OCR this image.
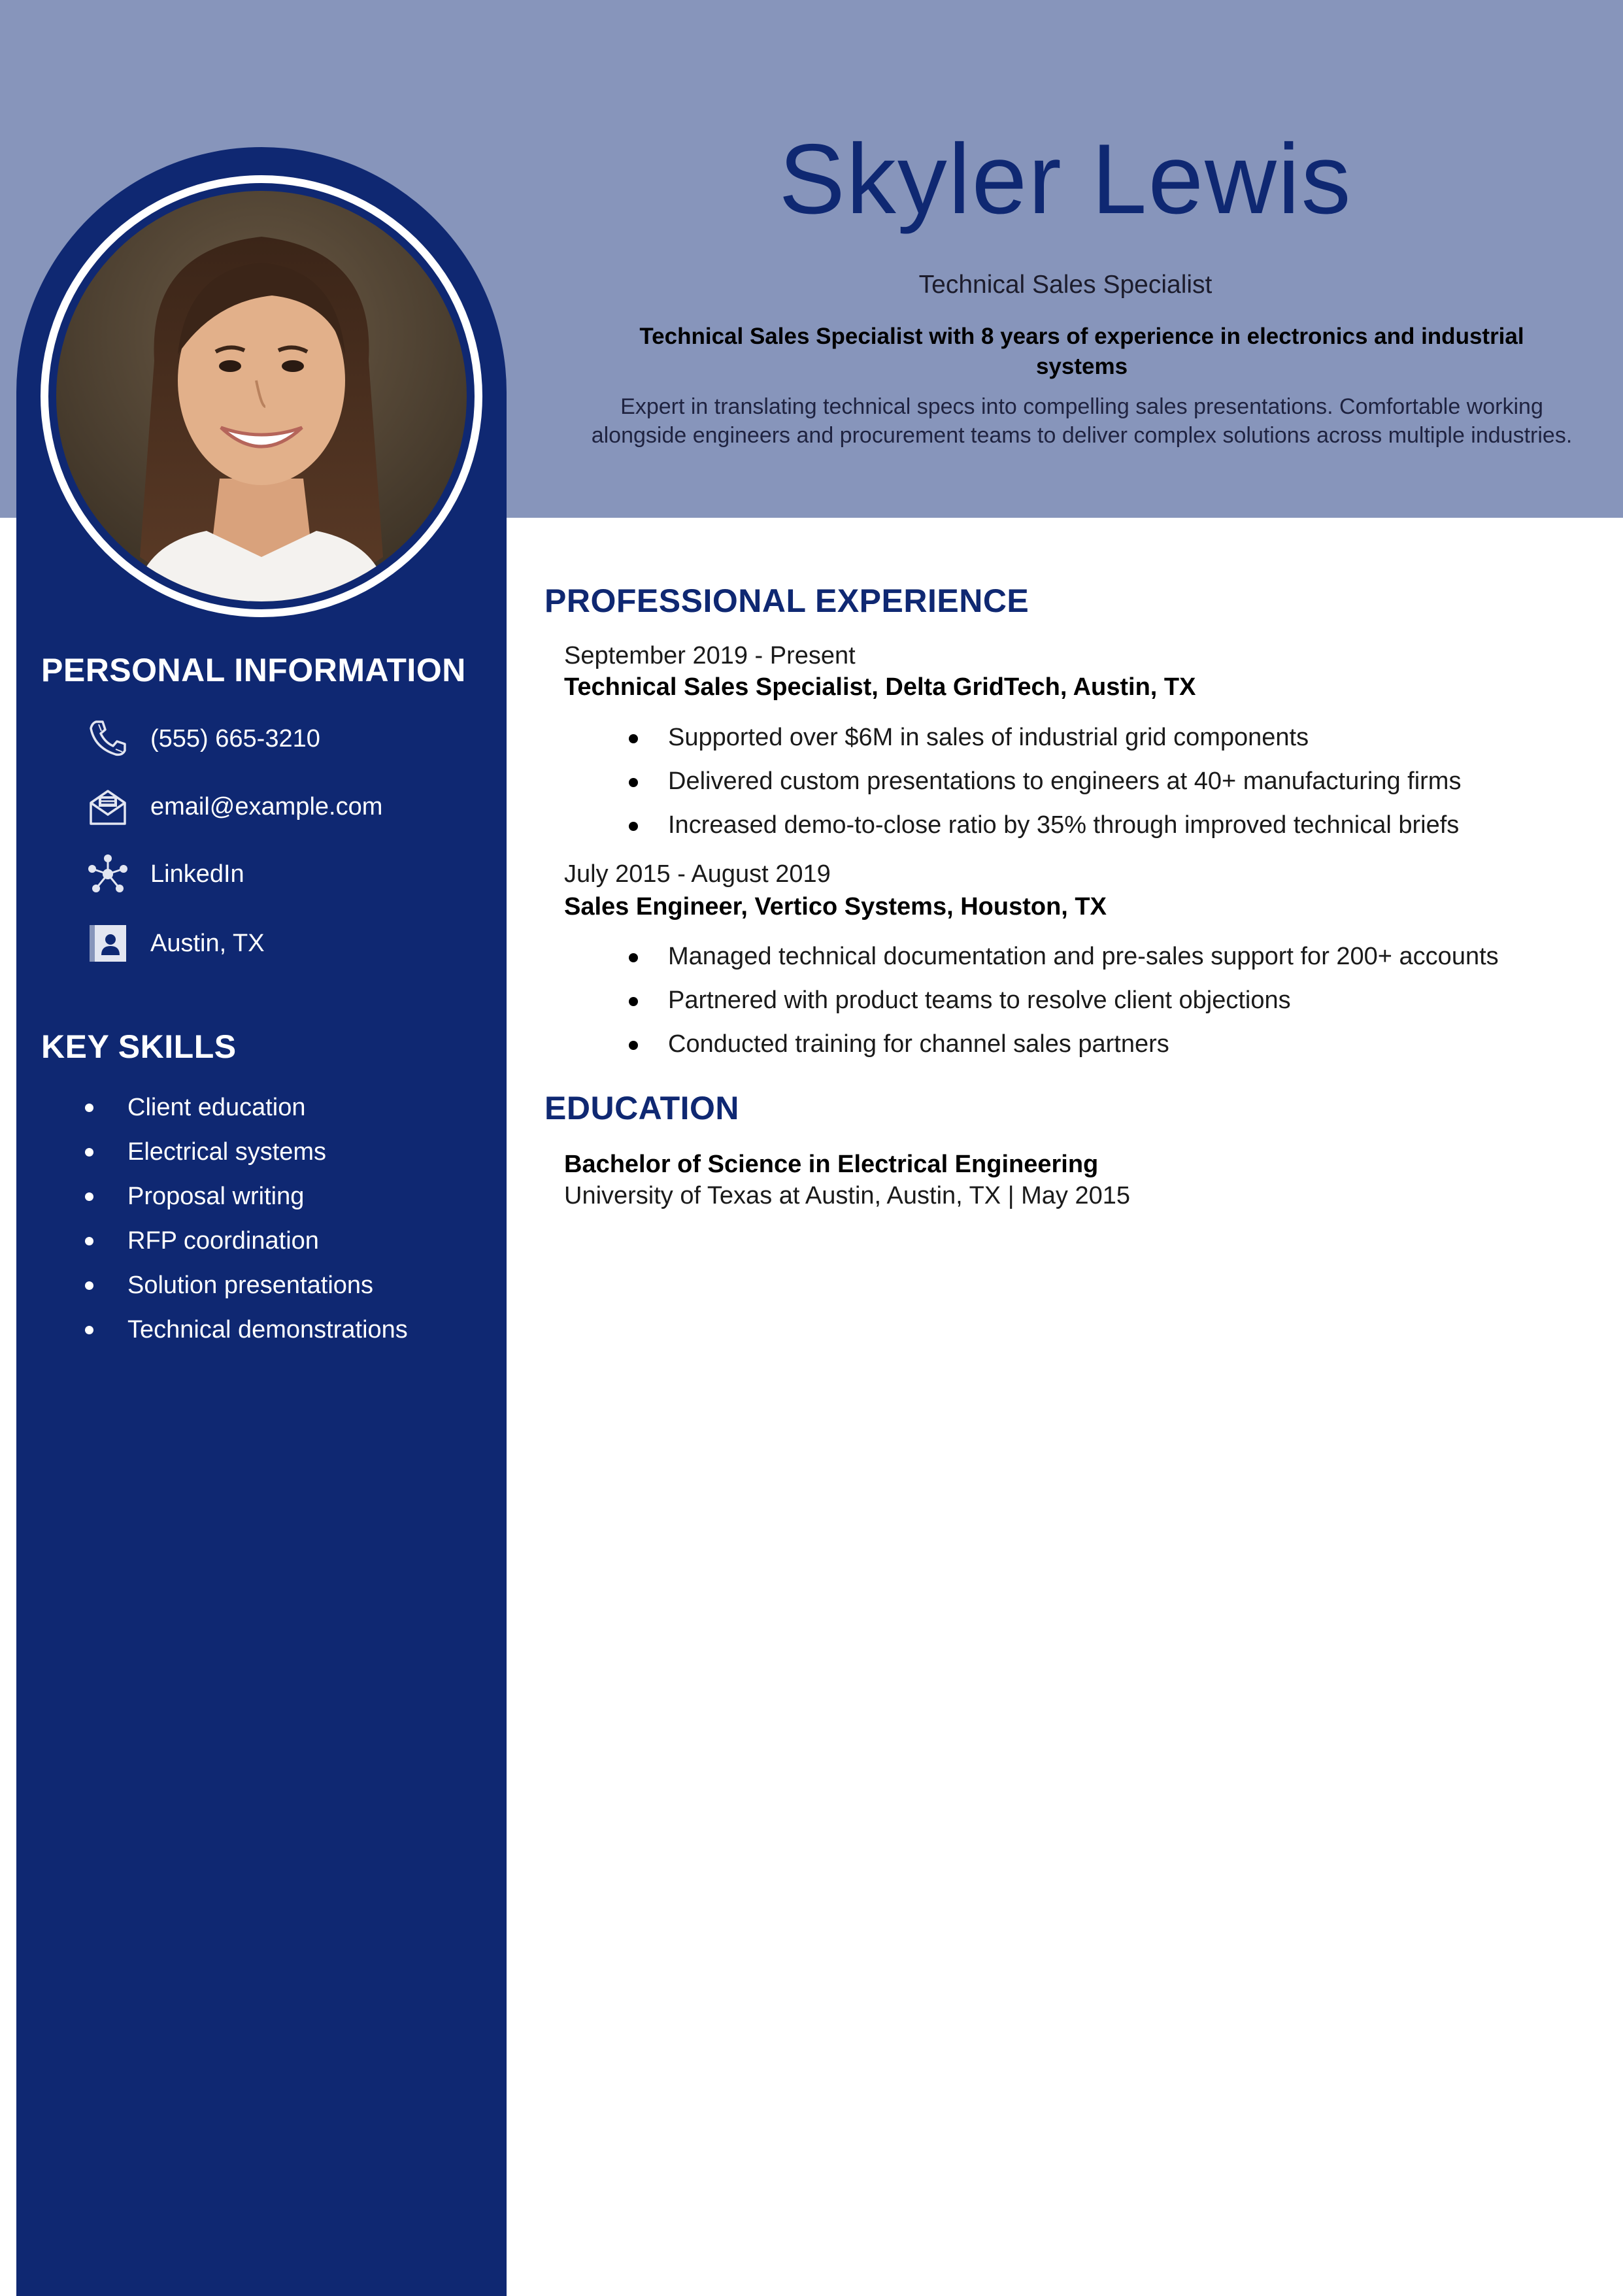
Skyler Lewis

Technical Sales Specialist

Technical Sales Specialist with 8 years of experience in electronics and industrial systems

Expert in translating technical specs into compelling sales presentations. Comfortable working alongside engineers and procurement teams to deliver complex solutions across multiple industries.

PERSONAL INFORMATION
(555) 665-3210
email@example.com
LinkedIn
Austin, TX
KEY SKILLS
Client education
Electrical systems
Proposal writing
RFP coordination
Solution presentations
Technical demonstrations
PROFESSIONAL EXPERIENCE

September 2019 - Present

Technical Sales Specialist, Delta GridTech, Austin, TX

Supported over $6M in sales of industrial grid components
Delivered custom presentations to engineers at 40+ manufacturing firms
Increased demo-to-close ratio by 35% through improved technical briefs

July 2015 - August 2019

Sales Engineer, Vertico Systems, Houston, TX

Managed technical documentation and pre-sales support for 200+ accounts
Partnered with product teams to resolve client objections
Conducted training for channel sales partners
EDUCATION

Bachelor of Science in Electrical Engineering

University of Texas at Austin, Austin, TX | May 2015
